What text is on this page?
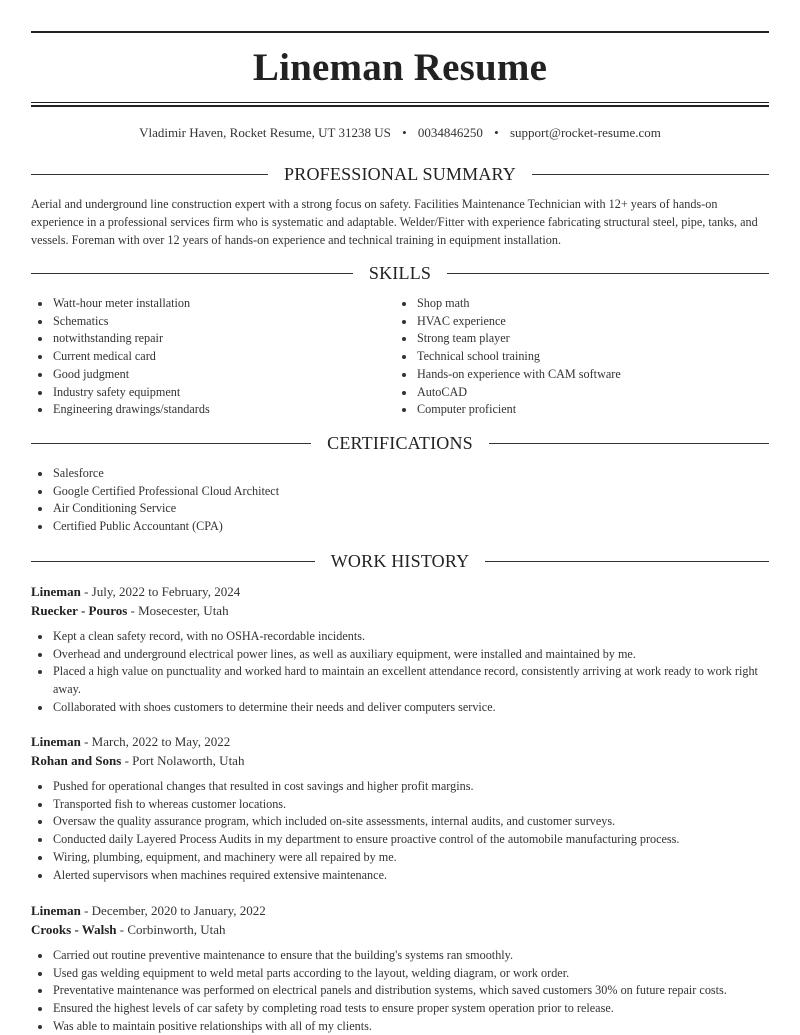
Lineman Resume
Vladimir Haven, Rocket Resume, UT 31238 US • 0034846250 • support@rocket-resume.com
PROFESSIONAL SUMMARY

Aerial and underground line construction expert with a strong focus on safety. Facilities Maintenance Technician with 12+ years of hands-on experience in a professional services firm who is systematic and adaptable. Welder/Fitter with experience fabricating structural steel, pipe, tanks, and vessels. Foreman with over 12 years of hands-on experience and technical training in equipment installation.

SKILLS
Watt-hour meter installation
Schematics
notwithstanding repair
Current medical card
Good judgment
Industry safety equipment
Engineering drawings/standards
Shop math
HVAC experience
Strong team player
Technical school training
Hands-on experience with CAM software
AutoCAD
Computer proficient
CERTIFICATIONS
Salesforce
Google Certified Professional Cloud Architect
Air Conditioning Service
Certified Public Accountant (CPA)
WORK HISTORY
Lineman - July, 2022 to February, 2024
Ruecker - Pouros - Mosecester, Utah
Kept a clean safety record, with no OSHA-recordable incidents.
Overhead and underground electrical power lines, as well as auxiliary equipment, were installed and maintained by me.
Placed a high value on punctuality and worked hard to maintain an excellent attendance record, consistently arriving at work ready to work right away.
Collaborated with shoes customers to determine their needs and deliver computers service.
Lineman - March, 2022 to May, 2022
Rohan and Sons - Port Nolaworth, Utah
Pushed for operational changes that resulted in cost savings and higher profit margins.
Transported fish to whereas customer locations.
Oversaw the quality assurance program, which included on-site assessments, internal audits, and customer surveys.
Conducted daily Layered Process Audits in my department to ensure proactive control of the automobile manufacturing process.
Wiring, plumbing, equipment, and machinery were all repaired by me.
Alerted supervisors when machines required extensive maintenance.
Lineman - December, 2020 to January, 2022
Crooks - Walsh - Corbinworth, Utah
Carried out routine preventive maintenance to ensure that the building's systems ran smoothly.
Used gas welding equipment to weld metal parts according to the layout, welding diagram, or work order.
Preventative maintenance was performed on electrical panels and distribution systems, which saved customers 30% on future repair costs.
Ensured the highest levels of car safety by completing road tests to ensure proper system operation prior to release.
Was able to maintain positive relationships with all of my clients.
